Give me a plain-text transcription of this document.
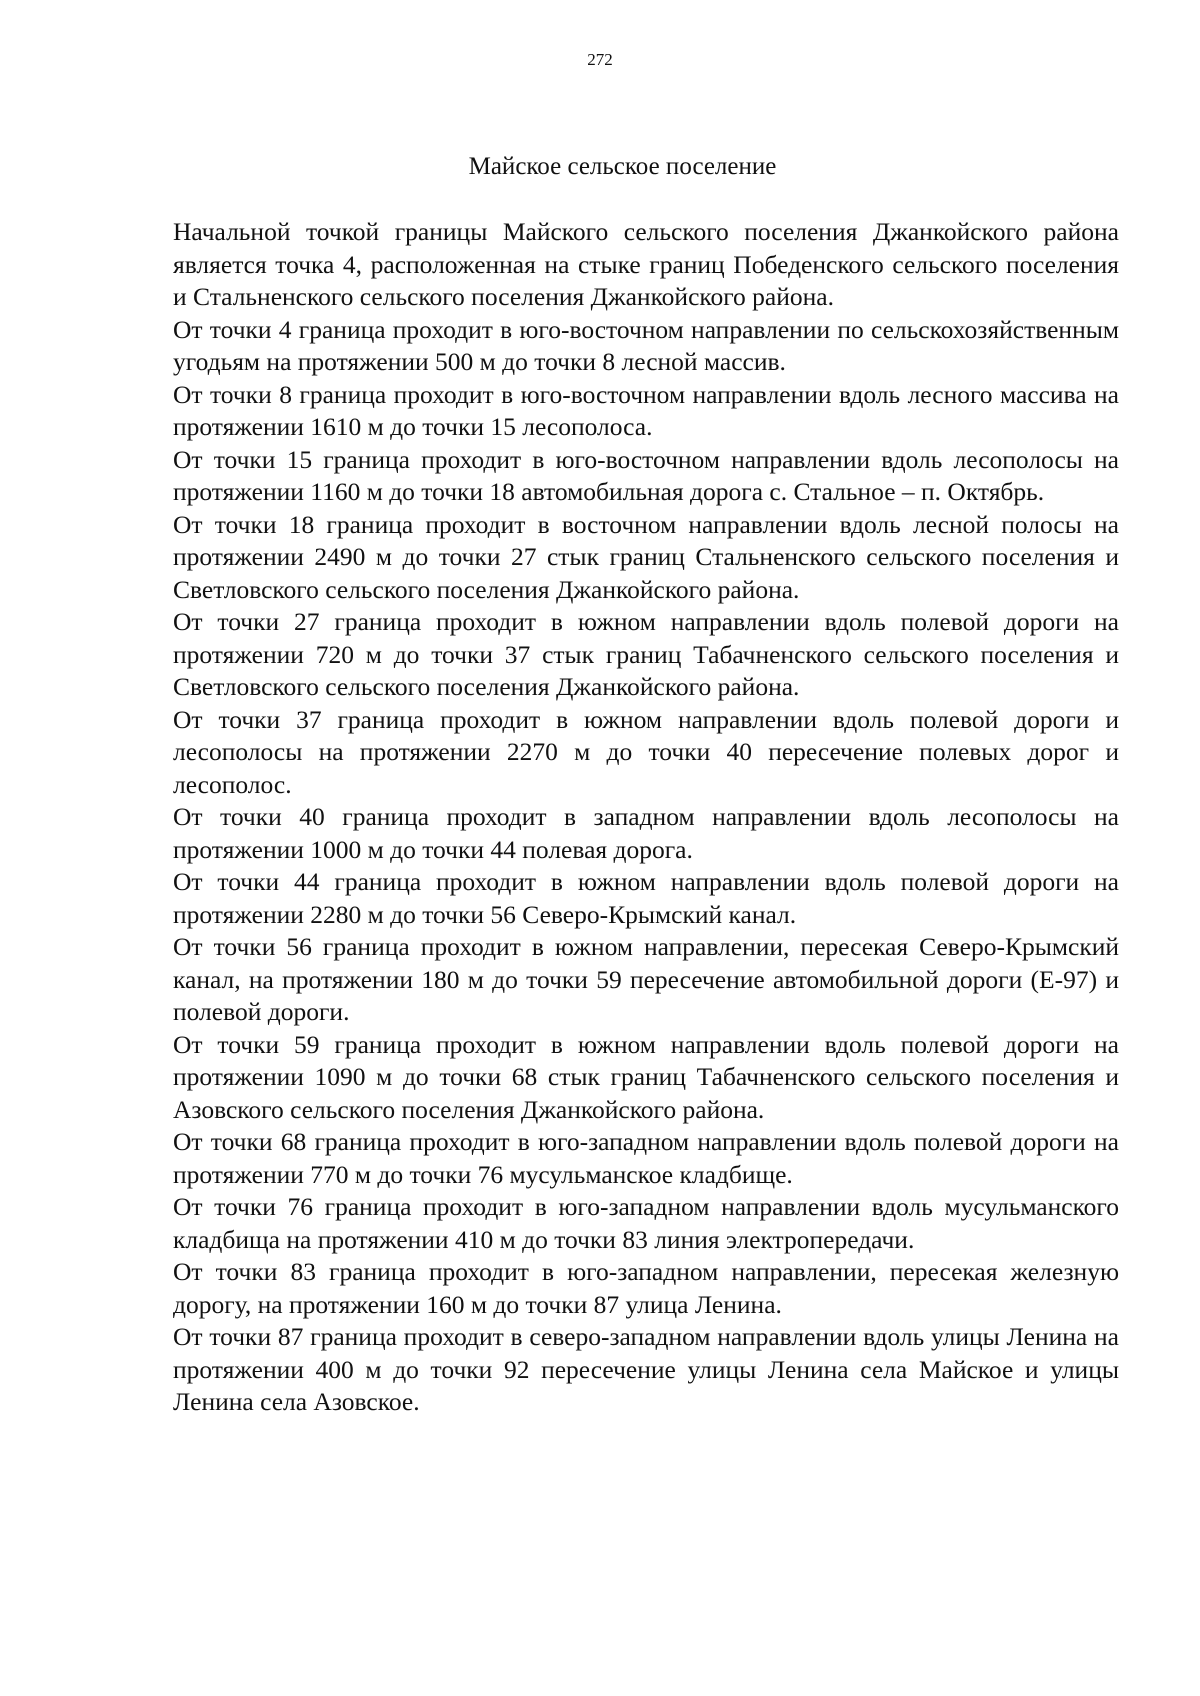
272
Майское сельское поселение

Начальной точкой границы Майского сельского поселения Джанкойского района является точка 4, расположенная на стыке границ Победенского сельского поселения и Стальненского сельского поселения Джанкойского района.

От точки 4 граница проходит в юго-восточном направлении по сельскохозяйственным угодьям на протяжении 500 м до точки 8 лесной массив.

От точки 8 граница проходит в юго-восточном направлении вдоль лесного массива на протяжении 1610 м до точки 15 лесополоса.

От точки 15 граница проходит в юго-восточном направлении вдоль лесополосы на протяжении 1160 м до точки 18 автомобильная дорога с. Стальное – п. Октябрь.

От точки 18 граница проходит в восточном направлении вдоль лесной полосы на протяжении 2490 м до точки 27 стык границ Стальненского сельского поселения и Светловского сельского поселения Джанкойского района.

От точки 27 граница проходит в южном направлении вдоль полевой дороги на протяжении 720 м до точки 37 стык границ Табачненского сельского поселения и Светловского сельского поселения Джанкойского района.

От точки 37 граница проходит в южном направлении вдоль полевой дороги и лесополосы на протяжении 2270 м до точки 40 пересечение полевых дорог и лесополос.

От точки 40 граница проходит в западном направлении вдоль лесополосы на протяжении 1000 м до точки 44 полевая дорога.

От точки 44 граница проходит в южном направлении вдоль полевой дороги на протяжении 2280 м до точки 56 Северо-Крымский канал.

От точки 56 граница проходит в южном направлении, пересекая Северо-Крымский канал, на протяжении 180 м до точки 59 пересечение автомобильной дороги (Е-97) и полевой дороги.

От точки 59 граница проходит в южном направлении вдоль полевой дороги на протяжении 1090 м до точки 68 стык границ Табачненского сельского поселения и Азовского сельского поселения Джанкойского района.

От точки 68 граница проходит в юго-западном направлении вдоль полевой дороги на протяжении 770 м до точки 76 мусульманское кладбище.

От точки 76 граница проходит в юго-западном направлении вдоль мусульманского кладбища на протяжении 410 м до точки 83 линия электропередачи.

От точки 83 граница проходит в юго-западном направлении, пересекая железную дорогу, на протяжении 160 м до точки 87 улица Ленина.

От точки 87 граница проходит в северо-западном направлении вдоль улицы Ленина на протяжении 400 м до точки 92 пересечение улицы Ленина села Майское и улицы Ленина села Азовское.
